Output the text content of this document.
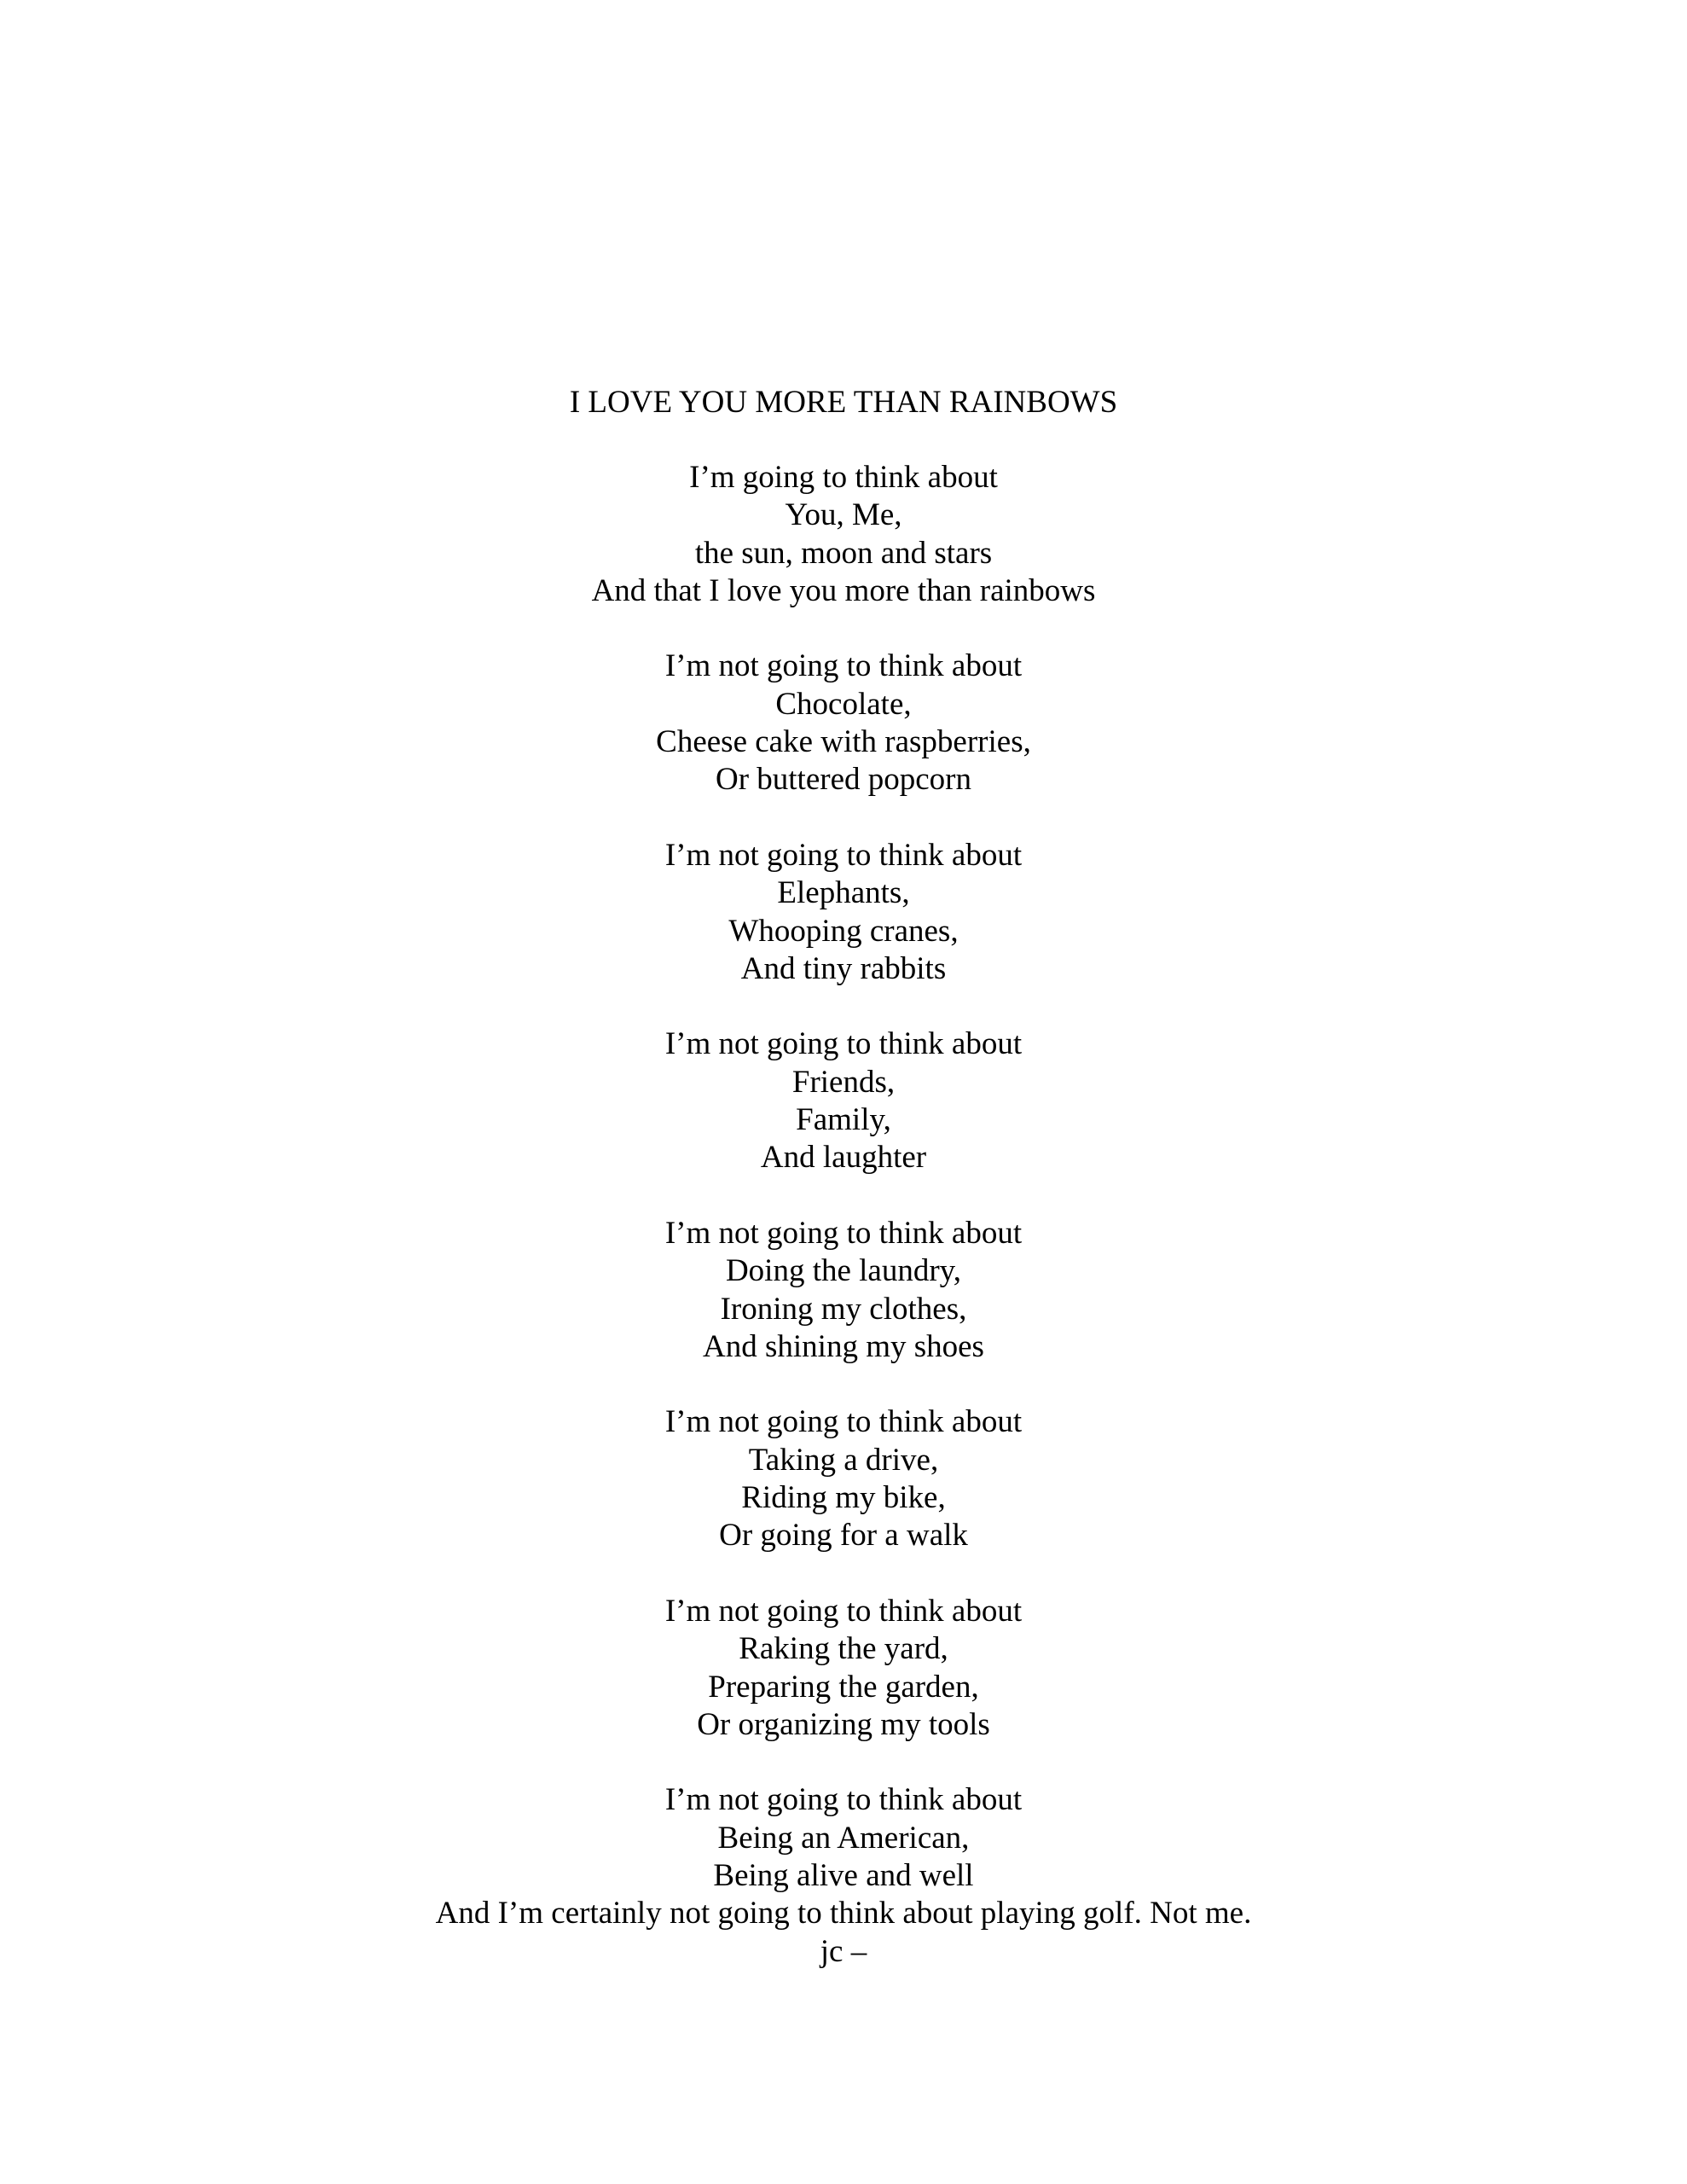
I LOVE YOU MORE THAN RAINBOWS
I’m going to think about
You, Me,
the sun, moon and stars
And that I love you more than rainbows
I’m not going to think about
Chocolate,
Cheese cake with raspberries,
Or buttered popcorn
I’m not going to think about
Elephants,
Whooping cranes,
And tiny rabbits
I’m not going to think about
Friends,
Family,
And laughter
I’m not going to think about
Doing the laundry,
Ironing my clothes,
And shining my shoes
I’m not going to think about
Taking a drive,
Riding my bike,
Or going for a walk
I’m not going to think about
Raking the yard,
Preparing the garden,
Or organizing my tools
I’m not going to think about
Being an American,
Being alive and well
And I’m certainly not going to think about playing golf. Not me.
jc –
